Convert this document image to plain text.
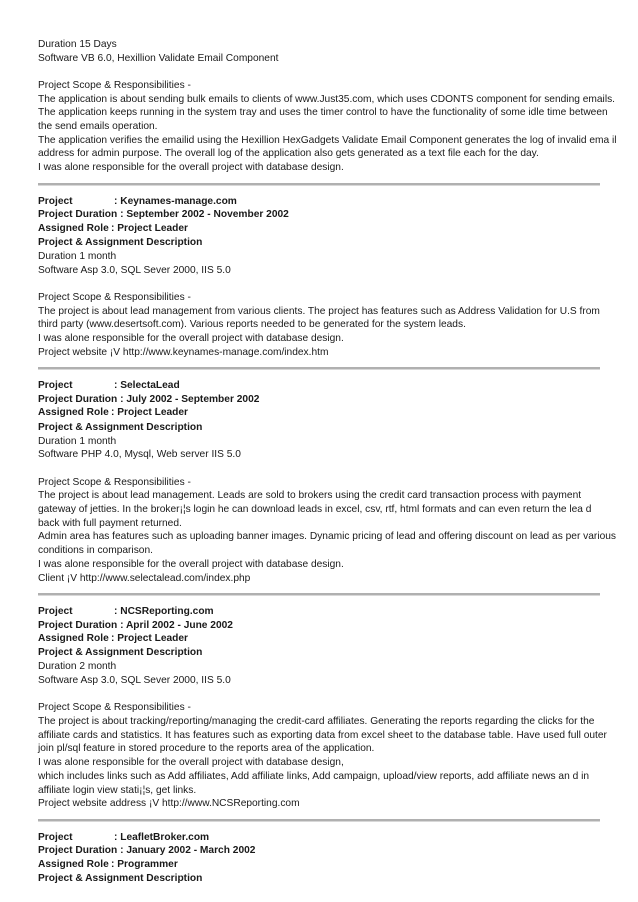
Duration 15 Days
Software VB 6.0, Hexillion Validate Email Component
Project Scope & Responsibilities -
The application is about sending bulk emails to clients of www.Just35.com, which uses CDONTS component for sending emails.
The application keeps running in the system tray and uses the timer control to have the functionality of some idle time between
the send emails operation.
The application verifies the emailid using the Hexillion HexGadgets Validate Email Component generates the log of invalid ema il
address for admin purpose. The overall log of the application also gets generated as a text file each for the day.
I was alone responsible for the overall project with database design.
Project	: Keynames-manage.com
Project Duration : September 2002 - November 2002
Assigned Role : Project Leader
Project & Assignment Description
Duration 1 month
Software Asp 3.0, SQL Sever 2000, IIS 5.0
Project Scope & Responsibilities -
The project is about lead management from various clients. The project has features such as Address Validation for U.S from
third party (www.desertsoft.com). Various reports needed to be generated for the system leads.
I was alone responsible for the overall project with database design.
Project website ¡V http://www.keynames-manage.com/index.htm
Project	: SelectaLead
Project Duration : July 2002 - September 2002
Assigned Role : Project Leader
Project & Assignment Description
Duration 1 month
Software PHP 4.0, Mysql, Web server IIS 5.0
Project Scope & Responsibilities -
The project is about lead management. Leads are sold to brokers using the credit card transaction process with payment
gateway of jetties. In the broker¡¦s login he can download leads in excel, csv, rtf, html formats and can even return the lea d
back with full payment returned.
Admin area has features such as uploading banner images. Dynamic pricing of lead and offering discount on lead as per various
conditions in comparison.
I was alone responsible for the overall project with database design.
Client ¡V http://www.selectalead.com/index.php
Project	: NCSReporting.com
Project Duration : April 2002 - June 2002
Assigned Role : Project Leader
Project & Assignment Description
Duration 2 month
Software Asp 3.0, SQL Sever 2000, IIS 5.0
Project Scope & Responsibilities -
The project is about tracking/reporting/managing the credit-card affiliates. Generating the reports regarding the clicks for the
affiliate cards and statistics. It has features such as exporting data from excel sheet to the database table. Have used full outer
join pl/sql feature in stored procedure to the reports area of the application.
I was alone responsible for the overall project with database design,
which includes links such as Add affiliates, Add affiliate links, Add campaign, upload/view reports, add affiliate news an d in
affiliate login view stati¡¦s, get links.
Project website address ¡V http://www.NCSReporting.com
Project	: LeafletBroker.com
Project Duration : January 2002 - March 2002
Assigned Role : Programmer
Project & Assignment Description
